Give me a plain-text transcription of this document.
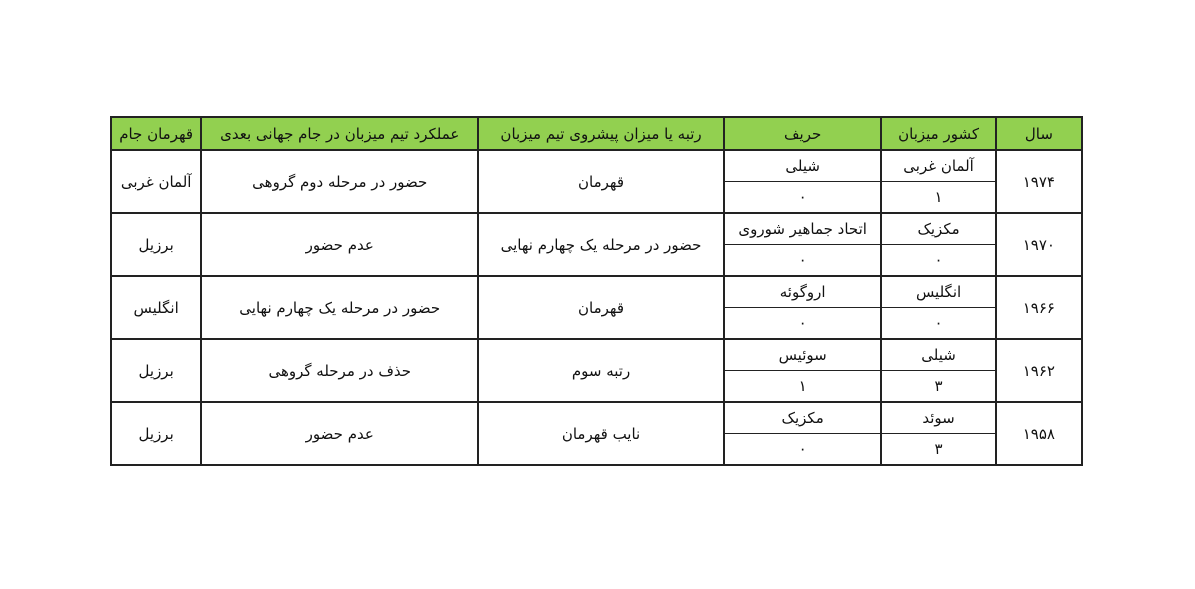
سال	کشور میزبان	حریف	رتبه یا میزان پیشروی تیم میزبان	عملکرد تیم میزبان در جام جهانی بعدی	قهرمان جام
۱۹۷۴	آلمان غربی	شیلی	قهرمان	حضور در مرحله دوم گروهی	آلمان غربی
	۱	۰			
۱۹۷۰	مکزیک	اتحاد جماهیر شوروی	حضور در مرحله یک چهارم نهایی	عدم حضور	برزیل
	۰	۰			
۱۹۶۶	انگلیس	اروگوئه	قهرمان	حضور در مرحله یک چهارم نهایی	انگلیس
	۰	۰			
۱۹۶۲	شیلی	سوئیس	رتبه سوم	حذف در مرحله گروهی	برزیل
	۳	۱			
۱۹۵۸	سوئد	مکزیک	نایب قهرمان	عدم حضور	برزیل
	۳	۰			
